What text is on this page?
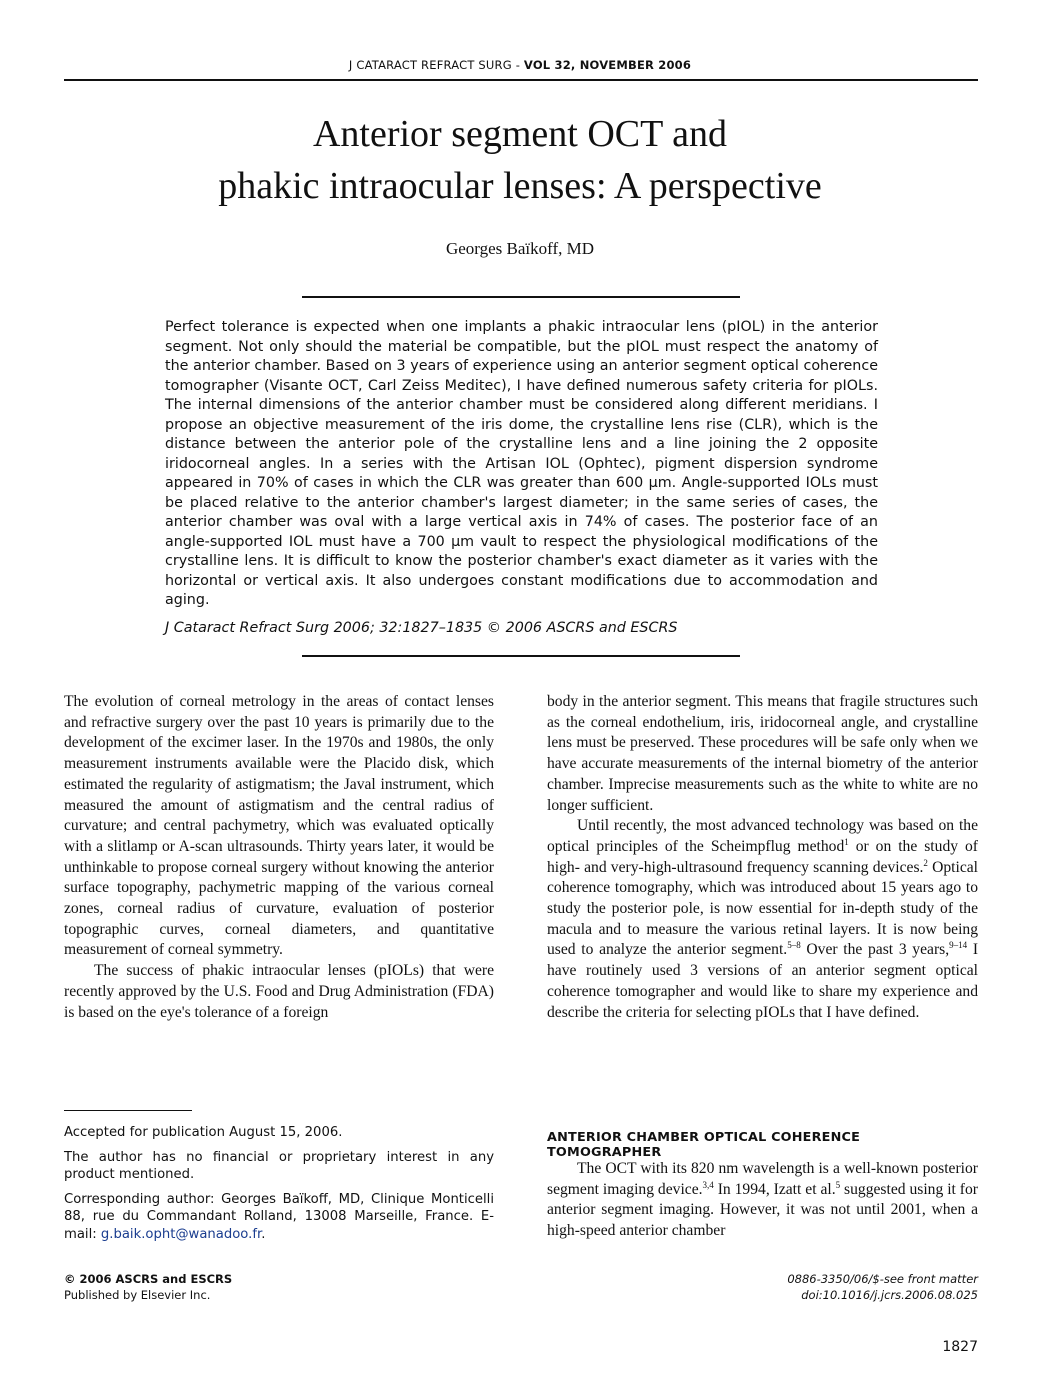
J CATARACT REFRACT SURG - VOL 32, NOVEMBER 2006
Anterior segment OCT and
phakic intraocular lenses: A perspective
Georges Baïkoff, MD
Perfect tolerance is expected when one implants a phakic intraocular lens (pIOL) in the anterior segment. Not only should the material be compatible, but the pIOL must respect the anatomy of the anterior chamber. Based on 3 years of experience using an anterior segment optical coherence tomographer (Visante OCT, Carl Zeiss Meditec), I have defined numerous safety criteria for pIOLs. The internal dimensions of the anterior chamber must be considered along different meridians. I propose an objective measurement of the iris dome, the crystalline lens rise (CLR), which is the distance between the anterior pole of the crystalline lens and a line joining the 2 opposite iridocorneal angles. In a series with the Artisan IOL (Ophtec), pigment dispersion syndrome appeared in 70% of cases in which the CLR was greater than 600 μm. Angle-supported IOLs must be placed relative to the anterior chamber's largest diameter; in the same series of cases, the anterior chamber was oval with a large vertical axis in 74% of cases. The posterior face of an angle-supported IOL must have a 700 μm vault to respect the physiological modifications of the crystalline lens. It is difficult to know the posterior chamber's exact diameter as it varies with the horizontal or vertical axis. It also undergoes constant modifications due to accommodation and aging.
J Cataract Refract Surg 2006; 32:1827–1835 © 2006 ASCRS and ESCRS

The evolution of corneal metrology in the areas of contact lenses and refractive surgery over the past 10 years is primarily due to the development of the excimer laser. In the 1970s and 1980s, the only measurement instruments available were the Placido disk, which estimated the regularity of astigmatism; the Javal instrument, which measured the amount of astigmatism and the central radius of curvature; and central pachymetry, which was evaluated optically with a slitlamp or A-scan ultrasounds. Thirty years later, it would be unthinkable to propose corneal surgery without knowing the anterior surface topography, pachymetric mapping of the various corneal zones, corneal radius of curvature, evaluation of posterior topographic curves, corneal diameters, and quantitative measurement of corneal symmetry.

The success of phakic intraocular lenses (pIOLs) that were recently approved by the U.S. Food and Drug Administration (FDA) is based on the eye's tolerance of a foreign

body in the anterior segment. This means that fragile structures such as the corneal endothelium, iris, iridocorneal angle, and crystalline lens must be preserved. These procedures will be safe only when we have accurate measurements of the internal biometry of the anterior chamber. Imprecise measurements such as the white to white are no longer sufficient.

Until recently, the most advanced technology was based on the optical principles of the Scheimpflug method$^1$ or on the study of high- and very-high-ultrasound frequency scanning devices.$^2$ Optical coherence tomography, which was introduced about 15 years ago to study the posterior pole, is now essential for in-depth study of the macula and to measure the various retinal layers. It is now being used to analyze the anterior segment.$^{5-8}$ Over the past 3 years,$^{9-14}$ I have routinely used 3 versions of an anterior segment optical coherence tomographer and would like to share my experience and describe the criteria for selecting pIOLs that I have defined.

ANTERIOR CHAMBER OPTICAL COHERENCE TOMOGRAPHER

The OCT with its 820 nm wavelength is a well-known posterior segment imaging device.$^{3,4}$ In 1994, Izatt et al.$^5$ suggested using it for anterior segment imaging. However, it was not until 2001, when a high-speed anterior chamber

Accepted for publication August 15, 2006.

The author has no financial or proprietary interest in any product mentioned.

Corresponding author: Georges Baïkoff, MD, Clinique Monticelli 88, rue du Commandant Rolland, 13008 Marseille, France. E-mail: g.baik.opht@wanadoo.fr.

© 2006 ASCRS and ESCRS
Published by Elsevier Inc.
0886-3350/06/$-see front matter
doi:10.1016/j.jcrs.2006.08.025
1827
